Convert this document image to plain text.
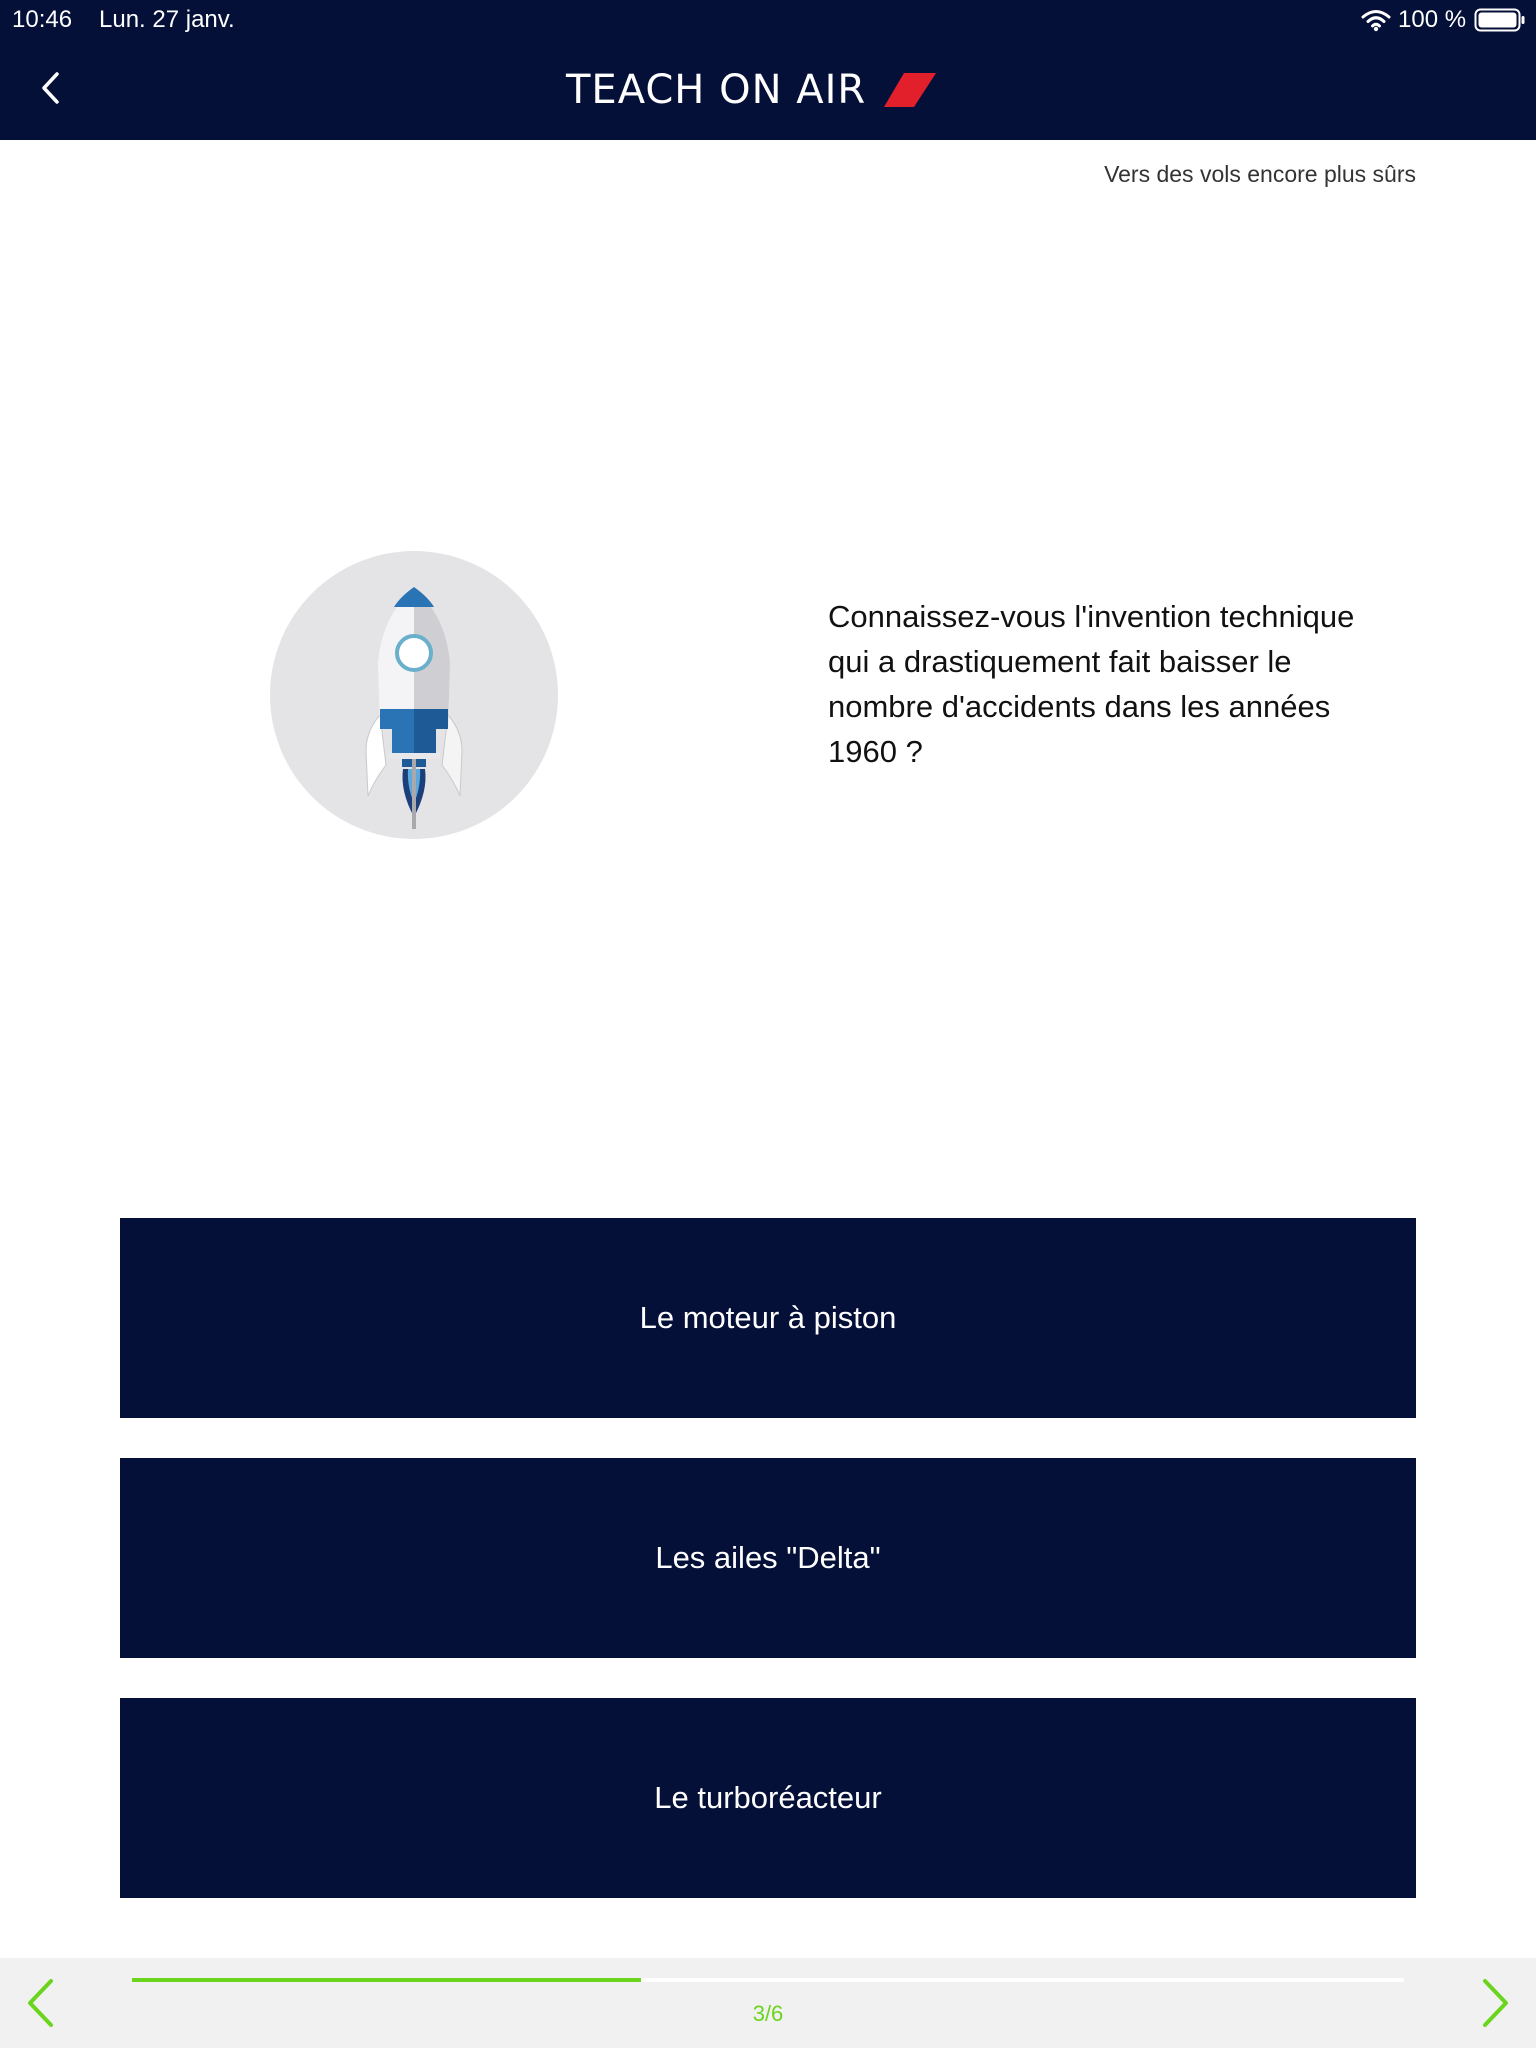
10:46 Lun. 27 janv.	100 %
TEACH ON AIR
Vers des vols encore plus sûrs
Connaissez-vous l'invention technique qui a drastiquement fait baisser le nombre d'accidents dans les années 1960 ?
Le moteur à piston
Les ailes "Delta"
Le turboréacteur
3/6
